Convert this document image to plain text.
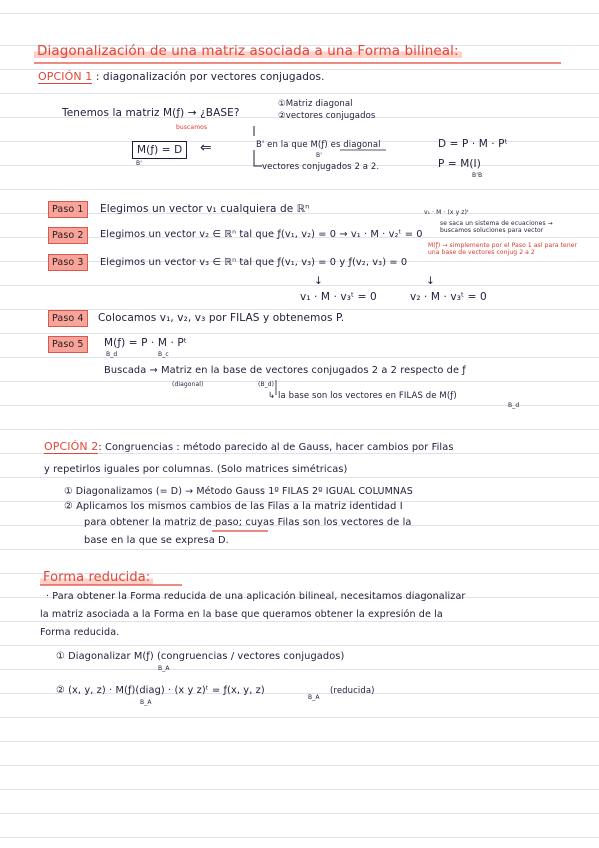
Diagonalización de una matriz asociada a una Forma bilineal:
OPCIÓN 1 : diagonalización por vectores conjugados.
Tenemos la matriz M(ƒ) → ¿BASE?
buscamos
①Matriz diagonal
②vectores conjugados
M(ƒ) = D
B'
⇐	B' en la que M(ƒ) es diagonal
B'
D = P · M · Pᵗ
vectores conjugados 2 a 2.	P = M(I)
B'B
Paso 1	Elegimos un vector v₁ cualquiera de ℝⁿ	v₁ · M · (x y z)ᵗ
Paso 2	Elegimos un vector v₂ ∈ ℝⁿ tal que ƒ(v₁, v₂) = 0 → v₁ · M · v₂ᵗ = 0
se saca un sistema de ecuaciones → buscamos soluciones para vector
M(ƒ) → simplemente por el Paso 1 así para tener una base de vectores conjug 2 a 2
Paso 3	Elegimos un vector v₃ ∈ ℝⁿ tal que ƒ(v₁, v₃) = 0 y ƒ(v₂, v₃) = 0
↓	↓
v₁ · M · v₃ᵗ = 0	v₂ · M · v₃ᵗ = 0
Paso 4	Colocamos v₁, v₂, v₃ por FILAS y obtenemos P.
Paso 5	M(ƒ) = P · M · Pᵗ
B_d	B_c
Buscada → Matriz en la base de vectores conjugados 2 a 2 respecto de ƒ
(diagonal)	(B_d)
↳ la base son los vectores en FILAS de M(ƒ)
B_d
OPCIÓN 2: Congruencias : método parecido al de Gauss, hacer cambios por Filas
y repetirlos iguales por columnas. (Solo matrices simétricas)
① Diagonalizamos (= D) → Método Gauss 1º FILAS 2º IGUAL COLUMNAS
② Aplicamos los mismos cambios de las Filas a la matriz identidad I
para obtener la matriz de paso; cuyas Filas son los vectores de la
base en la que se expresa D.
Forma reducida:
· Para obtener la Forma reducida de una aplicación bilineal, necesitamos diagonalizar
la matriz asociada a la Forma en la base que queramos obtener la expresión de la
Forma reducida.
① Diagonalizar M(ƒ) (congruencias / vectores conjugados)
B_A
② (x, y, z) · M(ƒ)(diag) · (x y z)ᵗ = ƒ(x, y, z)
B_A
B_A
(reducida)
